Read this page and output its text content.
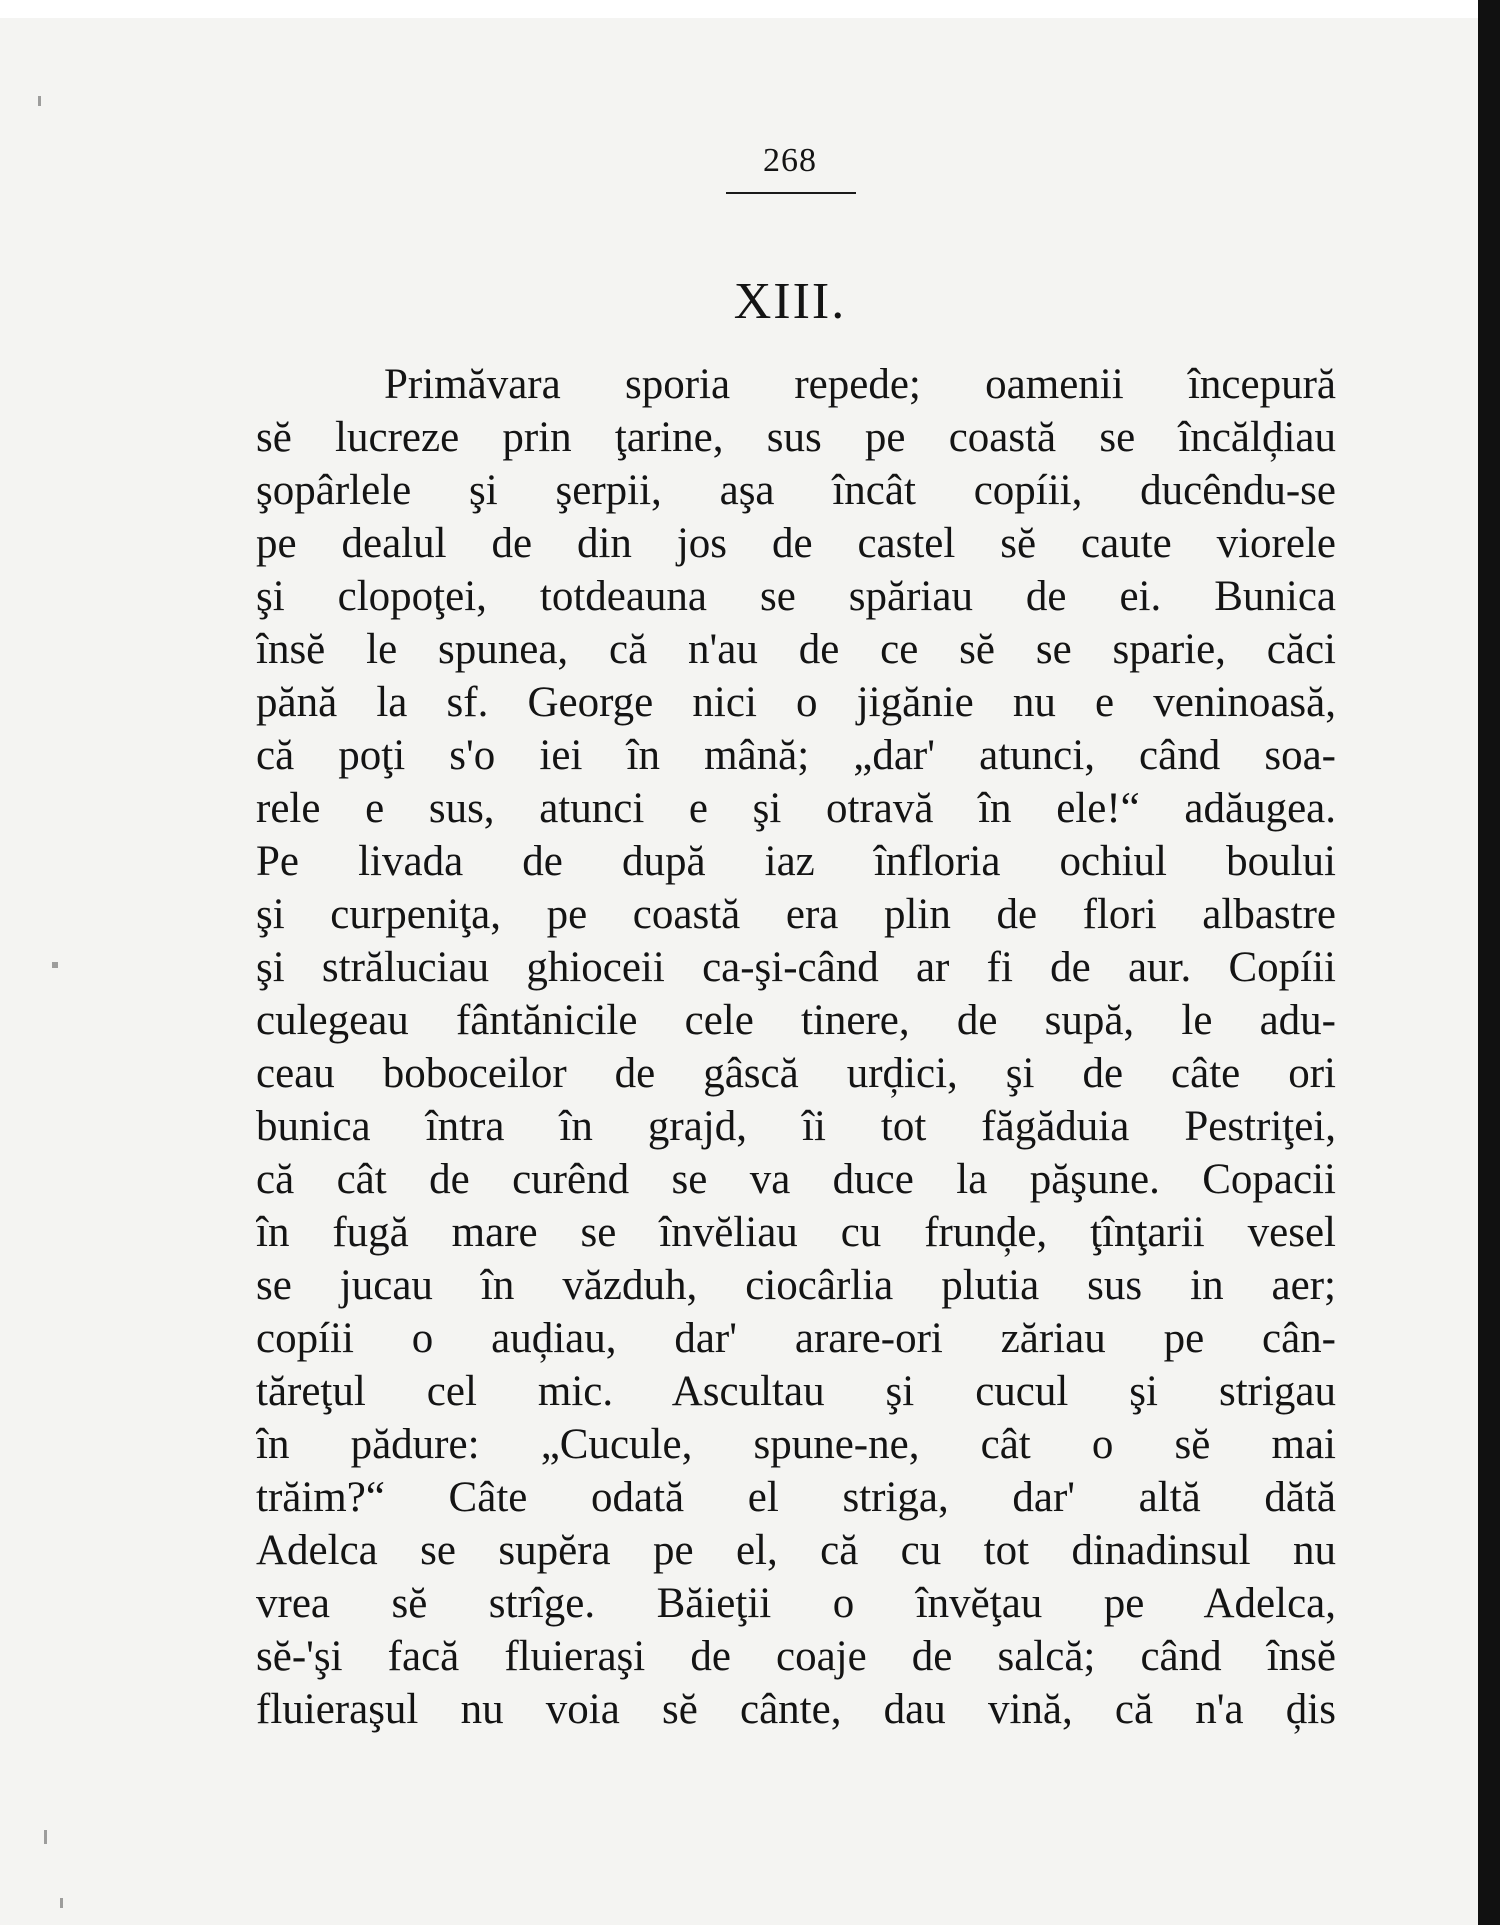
268
XIII.
Primăvara sporia repede; oamenii începură
sĕ lucreze prin ţarine, sus pe coastă se încălḑiau
şopârlele şi şerpii, aşa încât copíii, ducêndu-se
pe dealul de din jos de castel sĕ caute viorele
şi clopoţei, totdeauna se spăriau de ei. Bunica
însĕ le spunea, că n'au de ce sĕ se sparie, căci
pănă la sf. George nici o jigănie nu e veninoasă,
că poţi s'o iei în mână; „dar' atunci, când soa-
rele e sus, atunci e şi otravă în ele!“ adăugea.
Pe livada de după iaz înfloria ochiul boului
şi curpeniţa, pe coastă era plin de flori albastre
şi străluciau ghiocеii ca-şi-când ar fi de aur. Copíii
culegeau fântănicile cele tinere, de supă, le adu-
ceau bobocеilor de gâscă urḑici, şi de câte ori
bunica întra în grajd, îi tot făgăduia Pestriţei,
că cât de curênd se va duce la păşune. Copacii
în fugă mare se învĕliau cu frunḑe, ţînţarii vesel
se jucau în văzduh, ciocârlia plutia sus in aer;
copíii o auḑiau, dar' arare-ori zăriau pe cân-
tăreţul cel mic. Ascultau şi cucul şi strigau
în pădure: „Cucule, spune-ne, cât o sĕ mai
trăim?“ Câte odată el striga, dar' altă dătă
Adelca se supĕra pe el, că cu tot dinadinsul nu
vrea sĕ strîge. Băieţii o învĕţau pe Adelca,
sĕ-'şi facă fluieraşi de coaje de salcă; când însĕ
fluieraşul nu voia sĕ cânte, dau vină, că n'a ḑis
